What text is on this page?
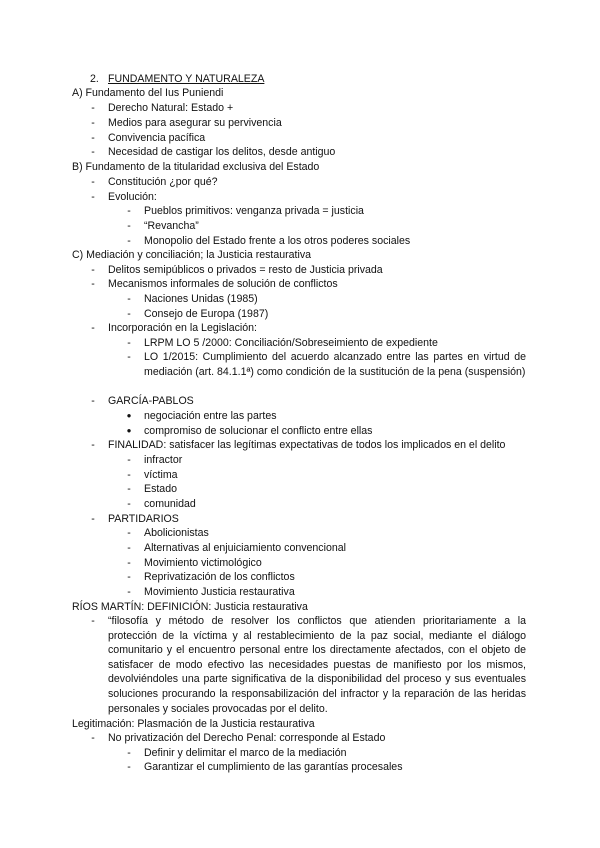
2. FUNDAMENTO Y NATURALEZA
A) Fundamento del Ius Puniendi
-	Derecho Natural: Estado +
-	Medios para asegurar su pervivencia
-	Convivencia pacífica
-	Necesidad de castigar los delitos, desde antiguo
B) Fundamento de la titularidad exclusiva del Estado
-	Constitución ¿por qué?
-	Evolución:
-	Pueblos primitivos: venganza privada = justicia
-	“Revancha”
-	Monopolio del Estado frente a los otros poderes sociales
C) Mediación y conciliación; la Justicia restaurativa
-	Delitos semipúblicos o privados = resto de Justicia privada
-	Mecanismos informales de solución de conflictos
-	Naciones Unidas (1985)
-	Consejo de Europa (1987)
-	Incorporación en la Legislación:
-	LRPM LO 5 /2000: Conciliación/Sobreseimiento de expediente
-	LO 1/2015: Cumplimiento del acuerdo alcanzado entre las partes en virtud de mediación (art. 84.1.1ª) como condición de la sustitución de la pena (suspensión)
-	GARCÍA-PABLOS
● negociación entre las partes
● compromiso de solucionar el conflicto entre ellas
-	FINALIDAD: satisfacer las legítimas expectativas de todos los implicados en el delito
-	infractor
-	víctima
-	Estado
-	comunidad
-	PARTIDARIOS
-	Abolicionistas
-	Alternativas al enjuiciamiento convencional
-	Movimiento victimológico
-	Reprivatización de los conflictos
-	Movimiento Justicia restaurativa
RÍOS MARTÍN: DEFINICIÓN: Justicia restaurativa
-	“filosofía y método de resolver los conflictos que atienden prioritariamente a la protección de la víctima y al restablecimiento de la paz social, mediante el diálogo comunitario y el encuentro personal entre los directamente afectados, con el objeto de satisfacer de modo efectivo las necesidades puestas de manifiesto por los mismos, devolviéndoles una parte significativa de la disponibilidad del proceso y sus eventuales soluciones procurando la responsabilización del infractor y la reparación de las heridas personales y sociales provocadas por el delito.
Legitimación: Plasmación de la Justicia restaurativa
-	No privatización del Derecho Penal: corresponde al Estado
-	Definir y delimitar el marco de la mediación
-	Garantizar el cumplimiento de las garantías procesales
